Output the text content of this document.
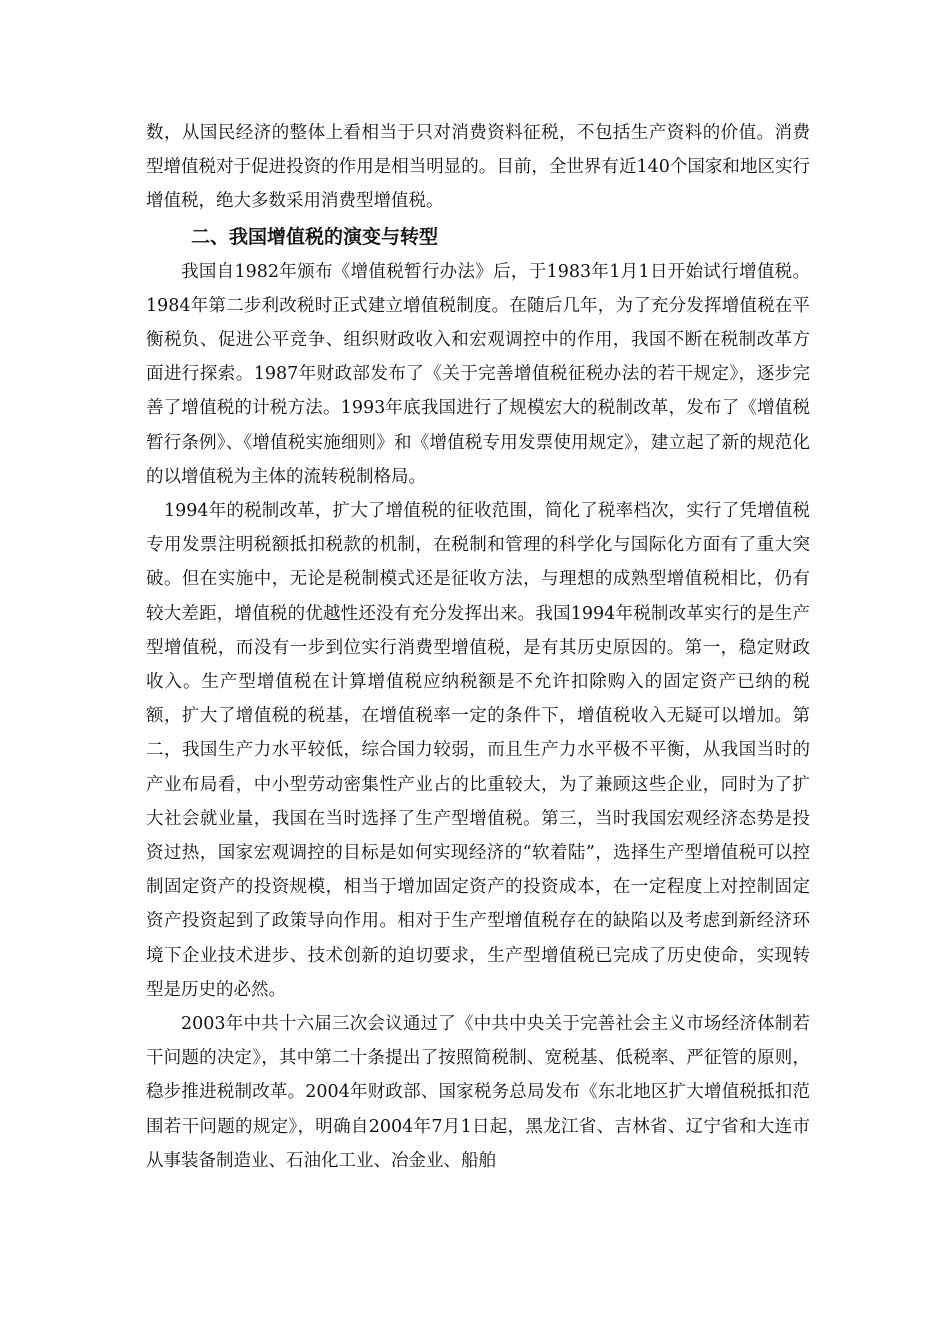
数，从国民经济的整体上看相当于只对消费资料征税，不包括生产资料的价值。消费型增值税对于促进投资的作用是相当明显的。目前，全世界有近140个国家和地区实行增值税，绝大多数采用消费型增值税。

二、我国增值税的演变与转型

我国自1982年颁布《增值税暂行办法》后，于1983年1月1日开始试行增值税。1984年第二步利改税时正式建立增值税制度。在随后几年，为了充分发挥增值税在平衡税负、促进公平竞争、组织财政收入和宏观调控中的作用，我国不断在税制改革方面进行探索。1987年财政部发布了《关于完善增值税征税办法的若干规定》，逐步完善了增值税的计税方法。1993年底我国进行了规模宏大的税制改革，发布了《增值税暂行条例》、《增值税实施细则》和《增值税专用发票使用规定》，建立起了新的规范化的以增值税为主体的流转税制格局。

1994年的税制改革，扩大了增值税的征收范围，简化了税率档次，实行了凭增值税专用发票注明税额抵扣税款的机制，在税制和管理的科学化与国际化方面有了重大突破。但在实施中，无论是税制模式还是征收方法，与理想的成熟型增值税相比，仍有较大差距，增值税的优越性还没有充分发挥出来。我国1994年税制改革实行的是生产型增值税，而没有一步到位实行消费型增值税，是有其历史原因的。第一，稳定财政收入。生产型增值税在计算增值税应纳税额是不允许扣除购入的固定资产已纳的税额，扩大了增值税的税基，在增值税率一定的条件下，增值税收入无疑可以增加。第二，我国生产力水平较低，综合国力较弱，而且生产力水平极不平衡，从我国当时的产业布局看，中小型劳动密集性产业占的比重较大，为了兼顾这些企业，同时为了扩大社会就业量，我国在当时选择了生产型增值税。第三，当时我国宏观经济态势是投资过热，国家宏观调控的目标是如何实现经济的“软着陆”，选择生产型增值税可以控制固定资产的投资规模，相当于增加固定资产的投资成本，在一定程度上对控制固定资产投资起到了政策导向作用。相对于生产型增值税存在的缺陷以及考虑到新经济环境下企业技术进步、技术创新的迫切要求，生产型增值税已完成了历史使命，实现转型是历史的必然。

2003年中共十六届三次会议通过了《中共中央关于完善社会主义市场经济体制若干问题的决定》，其中第二十条提出了按照简税制、宽税基、低税率、严征管的原则，稳步推进税制改革。2004年财政部、国家税务总局发布《东北地区扩大增值税抵扣范围若干问题的规定》，明确自2004年7月1日起，黑龙江省、吉林省、辽宁省和大连市从事装备制造业、石油化工业、冶金业、船舶
